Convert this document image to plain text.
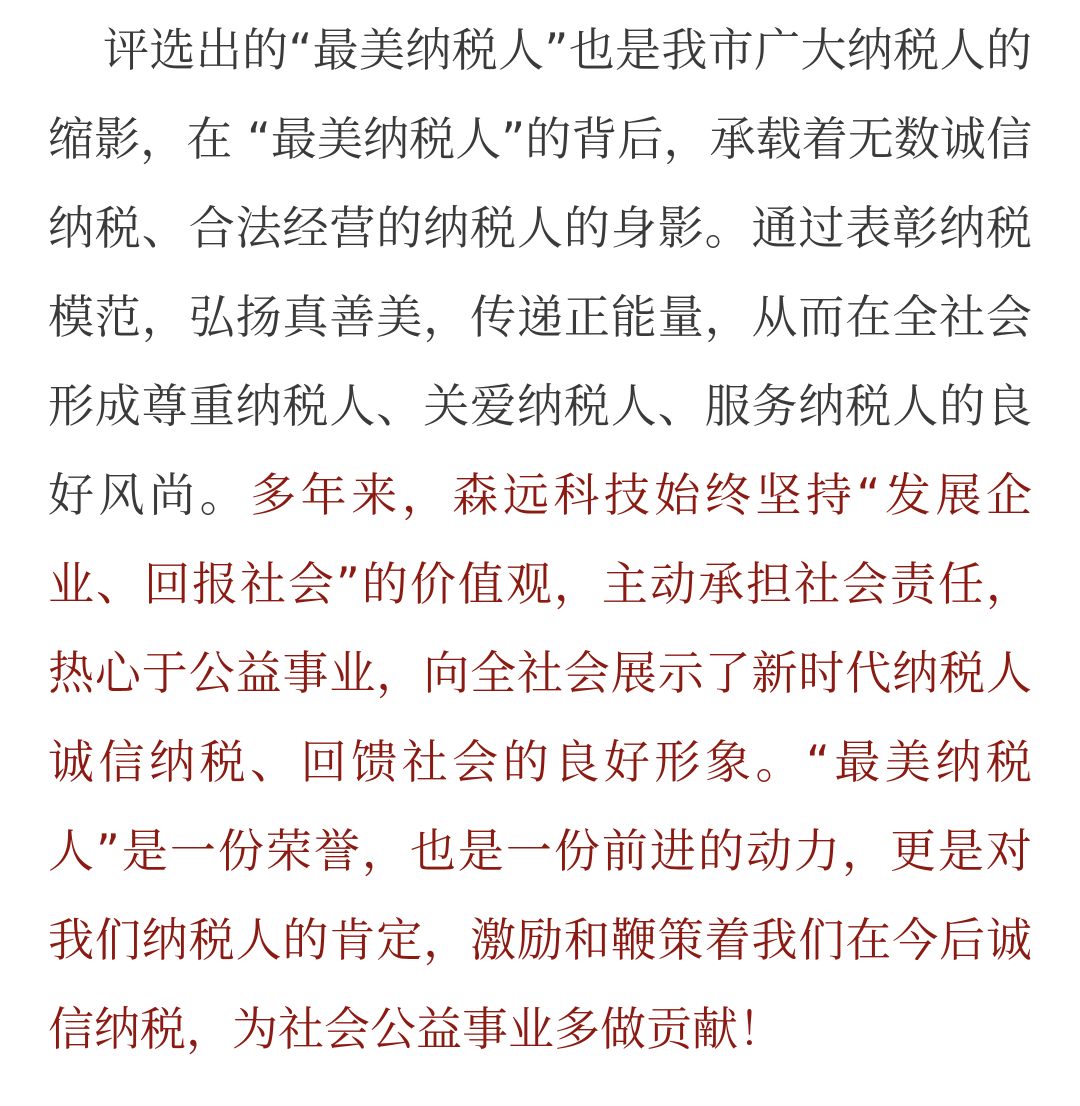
评选出的“最美纳税人”也是我市广大纳税人的
缩影，在 “最美纳税人”的背后，承载着无数诚信
纳税、合法经营的纳税人的身影。通过表彰纳税
模范，弘扬真善美，传递正能量，从而在全社会
形成尊重纳税人、关爱纳税人、服务纳税人的良
好风尚。多年来，森远科技始终坚持“发展企
业、回报社会”的价值观，主动承担社会责任，
热心于公益事业，向全社会展示了新时代纳税人
诚信纳税、回馈社会的良好形象。“最美纳税
人”是一份荣誉，也是一份前进的动力，更是对
我们纳税人的肯定，激励和鞭策着我们在今后诚
信纳税，为社会公益事业多做贡献！
